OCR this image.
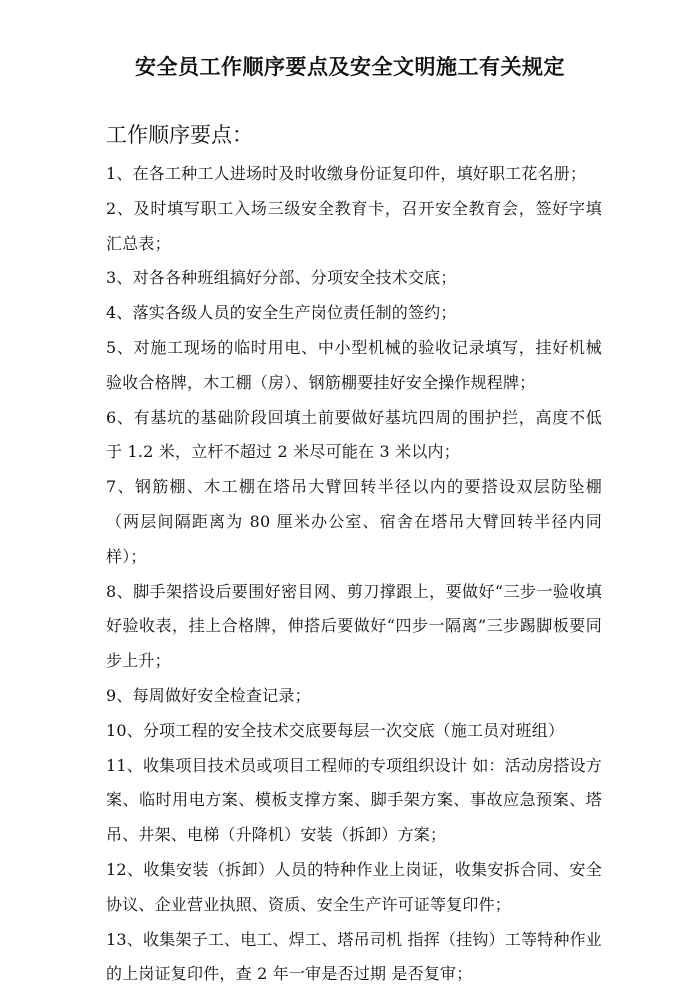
安全员工作顺序要点及安全文明施工有关规定
工作顺序要点：

1、在各工种工人进场时及时收缴身份证复印件，填好职工花名册；

2、及时填写职工入场三级安全教育卡，召开安全教育会，签好字填汇总表；

3、对各各种班组搞好分部、分项安全技术交底；

4、落实各级人员的安全生产岗位责任制的签约；

5、对施工现场的临时用电、中小型机械的验收记录填写，挂好机械验收合格牌，木工棚（房）、钢筋棚要挂好安全操作规程牌；

6、有基坑的基础阶段回填土前要做好基坑四周的围护拦，高度不低于 1.2 米，立杆不超过 2 米尽可能在 3 米以内；

7、钢筋棚、木工棚在塔吊大臂回转半径以内的要搭设双层防坠棚（两层间隔距离为 80 厘米办公室、宿舍在塔吊大臂回转半径内同样）；

8、脚手架搭设后要围好密目网、剪刀撑跟上，要做好“三步一验收填好验收表，挂上合格牌，伸搭后要做好“四步一隔离”三步踢脚板要同步上升；

9、每周做好安全检查记录；

10、分项工程的安全技术交底要每层一次交底（施工员对班组）

11、收集项目技术员或项目工程师的专项组织设计 如：活动房搭设方案、临时用电方案、模板支撑方案、脚手架方案、事故应急预案、塔吊、井架、电梯（升降机）安装（拆卸）方案；

12、收集安装（拆卸）人员的特种作业上岗证，收集安拆合同、安全协议、企业营业执照、资质、安全生产许可证等复印件；

13、收集架子工、电工、焊工、塔吊司机 指挥（挂钩）工等特种作业的上岗证复印件，查 2 年一审是否过期 是否复审；
